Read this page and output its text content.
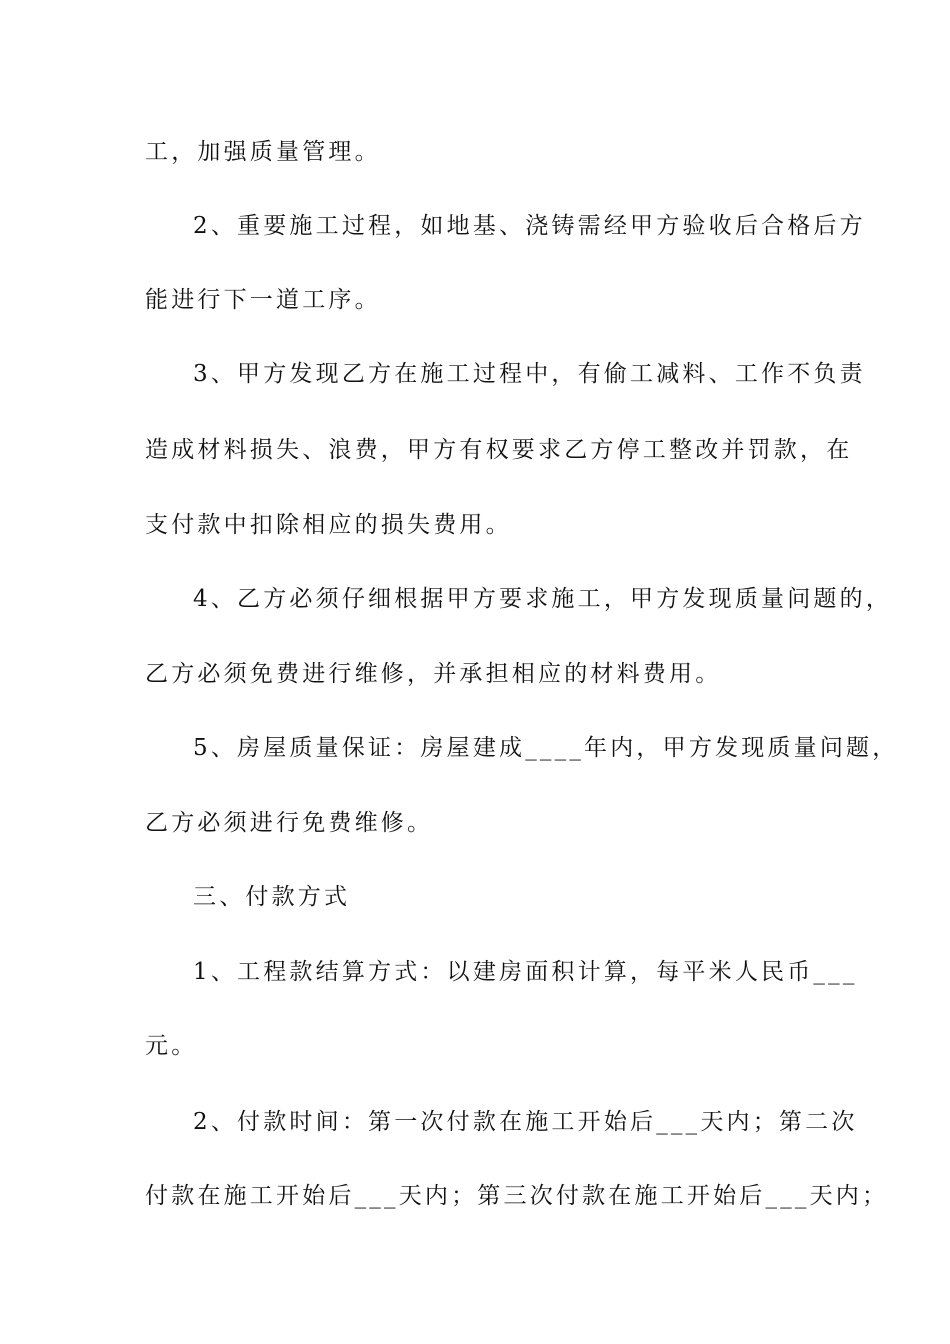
工，加强质量管理。
2、重要施工过程，如地基、浇铸需经甲方验收后合格后方
能进行下一道工序。
3、甲方发现乙方在施工过程中，有偷工减料、工作不负责
造成材料损失、浪费，甲方有权要求乙方停工整改并罚款，在
支付款中扣除相应的损失费用。
4、乙方必须仔细根据甲方要求施工，甲方发现质量问题的，
乙方必须免费进行维修，并承担相应的材料费用。
5、房屋质量保证：房屋建成____年内，甲方发现质量问题，
乙方必须进行免费维修。
三、付款方式
1、工程款结算方式：以建房面积计算，每平米人民币___
元。
2、付款时间：第一次付款在施工开始后___天内；第二次
付款在施工开始后___天内；第三次付款在施工开始后___天内；
